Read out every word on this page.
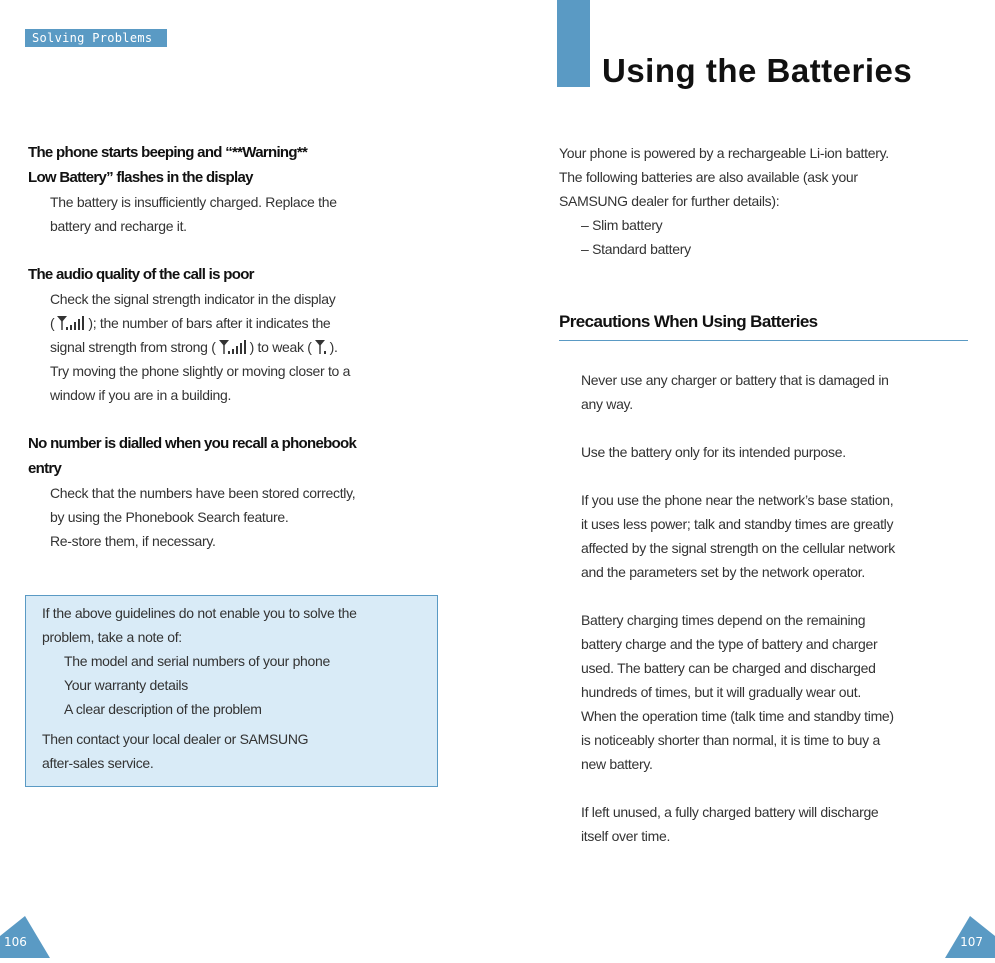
Solving Problems
The phone starts beeping and “**Warning**
Low Battery” flashes in the display
The battery is insufficiently charged. Replace the
battery and recharge it.
The audio quality of the call is poor
Check the signal strength indicator in the display
( ); the number of bars after it indicates the
signal strength from strong ( ) to weak ( ).
Try moving the phone slightly or moving closer to a
window if you are in a building.
No number is dialled when you recall a phonebook
entry
Check that the numbers have been stored correctly,
by using the Phonebook Search feature.
Re-store them, if necessary.
If the above guidelines do not enable you to solve the
problem, take a note of:
The model and serial numbers of your phone
Your warranty details
A clear description of the problem
Then contact your local dealer or SAMSUNG
after-sales service.
106
Using the Batteries
Your phone is powered by a rechargeable Li-ion battery.
The following batteries are also available (ask your
SAMSUNG dealer for further details):
– Slim battery
– Standard battery
Precautions When Using Batteries
Never use any charger or battery that is damaged in
any way.
Use the battery only for its intended purpose.
If you use the phone near the network’s base station,
it uses less power; talk and standby times are greatly
affected by the signal strength on the cellular network
and the parameters set by the network operator.
Battery charging times depend on the remaining
battery charge and the type of battery and charger
used. The battery can be charged and discharged
hundreds of times, but it will gradually wear out.
When the operation time (talk time and standby time)
is noticeably shorter than normal, it is time to buy a
new battery.
If left unused, a fully charged battery will discharge
itself over time.
107
